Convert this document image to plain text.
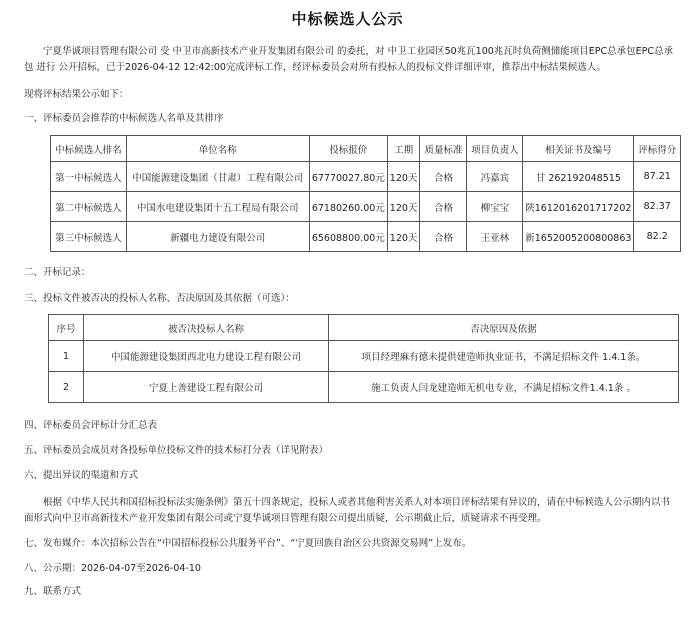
中标候选人公示

宁夏华诚项目管理有限公司 受 中卫市高新技术产业开发集团有限公司 的委托，对 中卫工业园区50兆瓦100兆瓦时负荷侧储能项目EPC总承包EPC总承包 进行 公开招标，已于2026-04-12 12:42:00完成评标工作，经评标委员会对所有投标人的投标文件详细评审，推荐出中标结果候选人。

现将评标结果公示如下：
一、评标委员会推荐的中标候选人名单及其排序
中标候选人排名	单位名称	投标报价	工期	质量标准	项目负责人	相关证书及编号	评标得分
第一中标候选人	中国能源建设集团（甘肃）工程有限公司	67770027.80元	120天	合格	冯嘉宾	甘 262192048515	87.21
第二中标候选人	中国水电建设集团十五工程局有限公司	67180260.00元	120天	合格	柳宝宝	陕1612016201717202	82.37
第三中标候选人	新疆电力建设有限公司	65608800.00元	120天	合格	王亚林	新1652005200800863	82.2
二、开标记录：
三、投标文件被否决的投标人名称、否决原因及其依据（可选）：
序号	被否决投标人名称	否决原因及依据
1	中国能源建设集团西北电力建设工程有限公司	项目经理麻有德未提供建造师执业证书，不满足招标文件 1.4.1条。
2	宁夏上善建设工程有限公司	施工负责人闫龙建造师无机电专业，不满足招标文件1.4.1条 。
四、评标委员会评标计分汇总表
五、评标委员会成员对各投标单位投标文件的技术标打分表（详见附表）
六、提出异议的渠道和方式

根据《中华人民共和国招标投标法实施条例》第五十四条规定，投标人或者其他利害关系人对本项目评标结果有异议的，请在中标候选人公示期内以书面形式向中卫市高新技术产业开发集团有限公司或宁夏华诚项目管理有限公司提出质疑，公示期截止后，质疑请求不再受理。

七、发布媒介：本次招标公告在“中国招标投标公共服务平台”、“宁夏回族自治区公共资源交易网”上发布。
八、公示期：2026-04-07至2026-04-10
九、联系方式
